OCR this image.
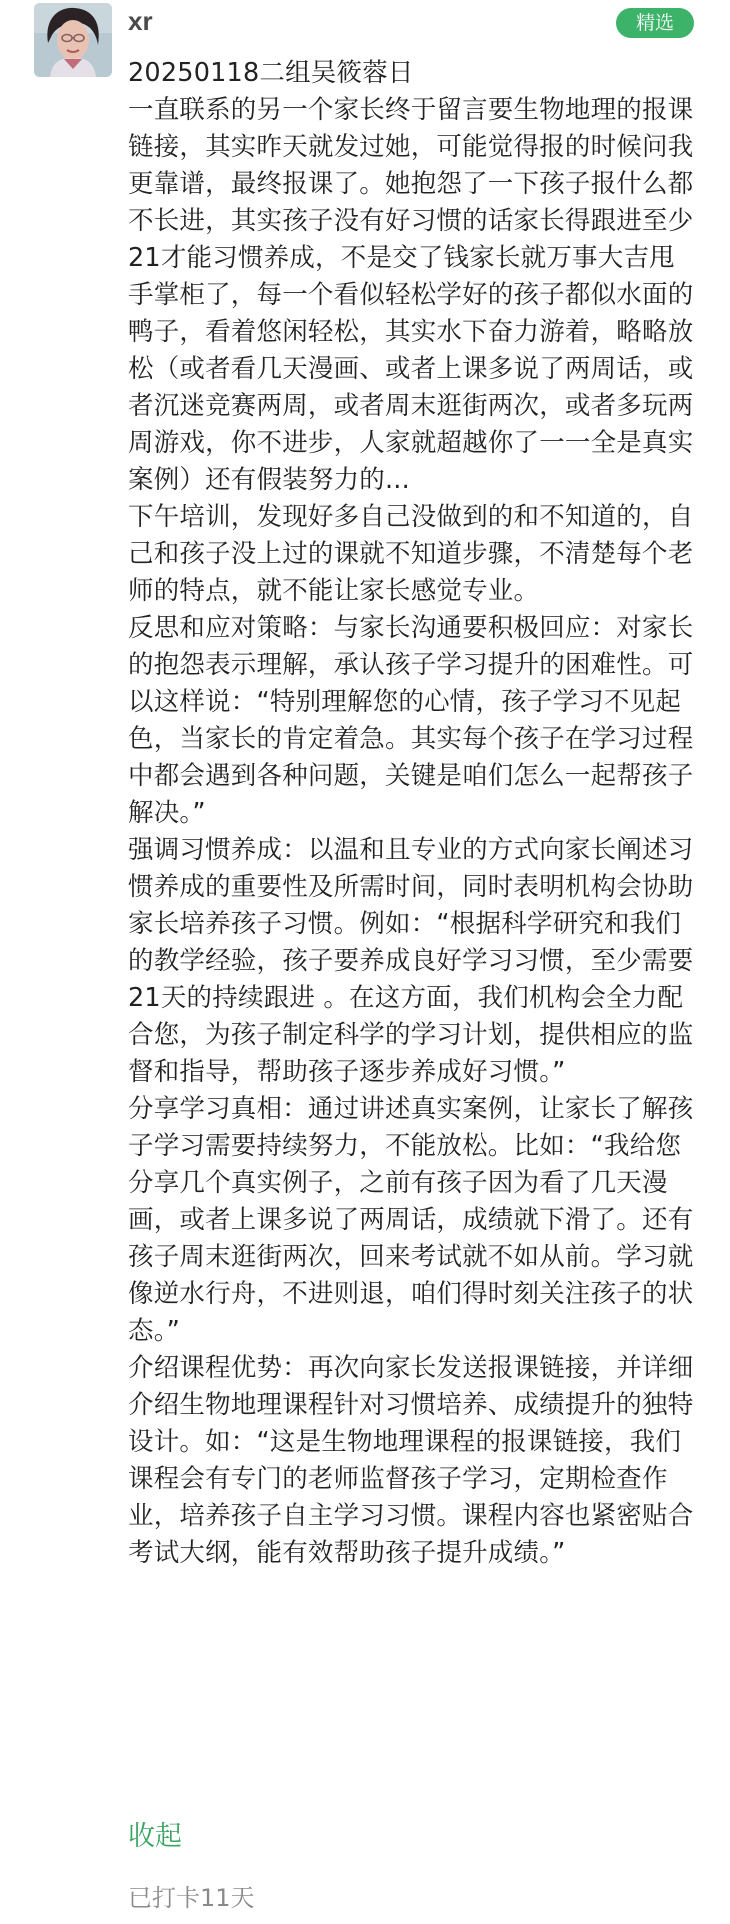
xr	精选

20250118二组吴筱蓉日

一直联系的另一个家长终于留言要生物地理的报课链接，其实昨天就发过她，可能觉得报的时候问我更靠谱，最终报课了。她抱怨了一下孩子报什么都不长进，其实孩子没有好习惯的话家长得跟进至少21才能习惯养成，不是交了钱家长就万事大吉甩手掌柜了，每一个看似轻松学好的孩子都似水面的鸭子，看着悠闲轻松，其实水下奋力游着，略略放松（或者看几天漫画、或者上课多说了两周话，或者沉迷竞赛两周，或者周末逛街两次，或者多玩两周游戏，你不进步，人家就超越你了一一全是真实案例）还有假装努力的...

下午培训，发现好多自己没做到的和不知道的，自己和孩子没上过的课就不知道步骤，不清楚每个老师的特点，就不能让家长感觉专业。

反思和应对策略：与家长沟通要积极回应：对家长的抱怨表示理解，承认孩子学习提升的困难性。可以这样说：“特别理解您的心情，孩子学习不见起色，当家长的肯定着急。其实每个孩子在学习过程中都会遇到各种问题，关键是咱们怎么一起帮孩子解决。”

强调习惯养成：以温和且专业的方式向家长阐述习惯养成的重要性及所需时间，同时表明机构会协助家长培养孩子习惯。例如：“根据科学研究和我们的教学经验，孩子要养成良好学习习惯，至少需要21天的持续跟进 。在这方面，我们机构会全力配合您，为孩子制定科学的学习计划，提供相应的监督和指导，帮助孩子逐步养成好习惯。”

分享学习真相：通过讲述真实案例，让家长了解孩子学习需要持续努力，不能放松。比如：“我给您分享几个真实例子，之前有孩子因为看了几天漫画，或者上课多说了两周话，成绩就下滑了。还有孩子周末逛街两次，回来考试就不如从前。学习就像逆水行舟，不进则退，咱们得时刻关注孩子的状态。”

介绍课程优势：再次向家长发送报课链接，并详细介绍生物地理课程针对习惯培养、成绩提升的独特设计。如：“这是生物地理课程的报课链接，我们课程会有专门的老师监督孩子学习，定期检查作业，培养孩子自主学习习惯。课程内容也紧密贴合考试大纲，能有效帮助孩子提升成绩。”

收起
已打卡11天
